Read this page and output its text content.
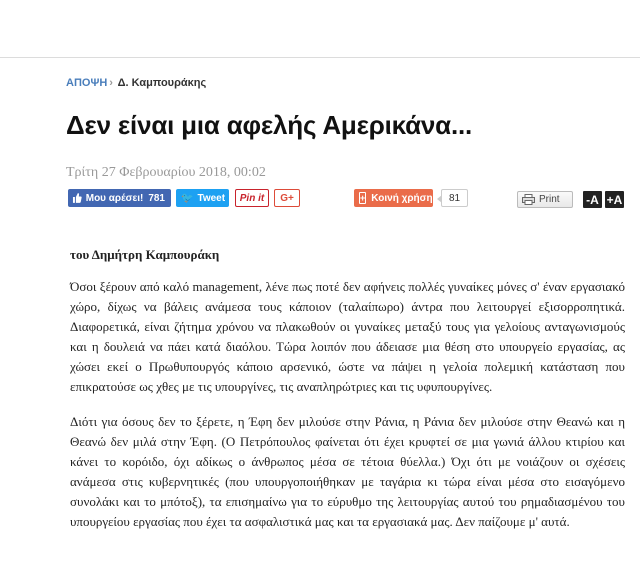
ΑΠΟΨΗ › Δ. Καμπουράκης
Δεν είναι μια αφελής Αμερικάνα...
Τρίτη 27 Φεβρουαρίου 2018, 00:02
Μου αρέσει! 781 🐦 Tweet	Pin it	G+	+ Κοινή χρήση	81	Print -A +A
του Δημήτρη Καμπουράκη

Όσοι ξέρουν από καλό management, λένε πως ποτέ δεν αφήνεις πολλές γυναίκες μόνες σ' έναν εργασιακό χώρο, δίχως να βάλεις ανάμεσα τους κάποιον (ταλαίπωρο) άντρα που λειτουργεί εξισορροπητικά. Διαφορετικά, είναι ζήτημα χρόνου να πλακωθούν οι γυναίκες μεταξύ τους για γελοίους ανταγωνισμούς και η δουλειά να πάει κατά διαόλου. Τώρα λοιπόν που άδειασε μια θέση στο υπουργείο εργασίας, ας χώσει εκεί ο Πρωθυπουργός κάποιο αρσενικό, ώστε να πάψει η γελοία πολεμική κατάσταση που επικρατούσε ως χθες με τις υπουργίνες, τις αναπληρώτριες και τις υφυπουργίνες.

Διότι για όσους δεν το ξέρετε, η Έφη δεν μιλούσε στην Ράνια, η Ράνια δεν μιλούσε στην Θεανώ και η Θεανώ δεν μιλά στην Έφη. (Ο Πετρόπουλος φαίνεται ότι έχει κρυφτεί σε μια γωνιά άλλου κτιρίου και κάνει το κορόιδο, όχι αδίκως ο άνθρωπος μέσα σε τέτοια θύελλα.) Όχι ότι με νοιάζουν οι σχέσεις ανάμεσα στις κυβερνητικές (που υπουργοποιήθηκαν με ταγάρια κι τώρα είναι μέσα στο εισαγόμενο συνολάκι και το μπότοξ), τα επισημαίνω για το εύρυθμο της λειτουργίας αυτού του ρημαδιασμένου του υπουργείου εργασίας που έχει τα ασφαλιστικά μας και τα εργασιακά μας. Δεν παίζουμε μ' αυτά.
